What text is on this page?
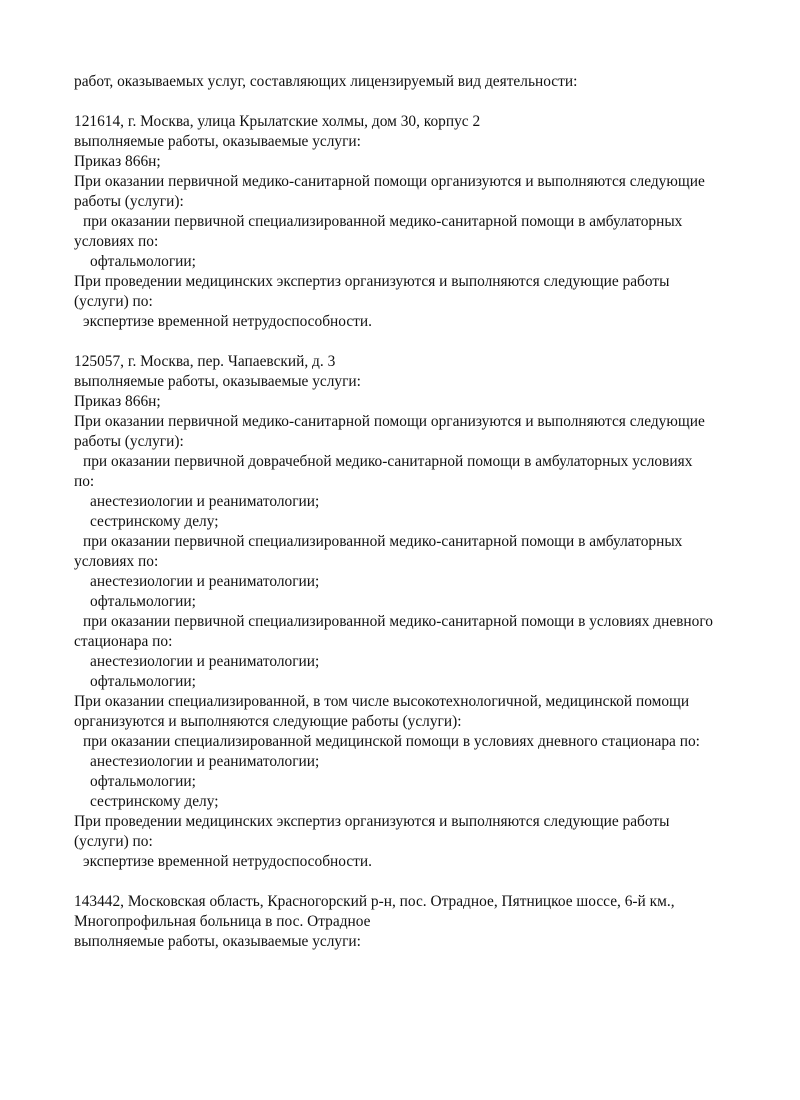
работ, оказываемых услуг, составляющих лицензируемый вид деятельности:
121614, г. Москва, улица Крылатские холмы, дом 30, корпус 2
выполняемые работы, оказываемые услуги:
Приказ 866н;
При оказании первичной медико-санитарной помощи организуются и выполняются следующие
работы (услуги):
при оказании первичной специализированной медико-санитарной помощи в амбулаторных
условиях по:
офтальмологии;
При проведении медицинских экспертиз организуются и выполняются следующие работы
(услуги) по:
экспертизе временной нетрудоспособности.
125057, г. Москва, пер. Чапаевский, д. 3
выполняемые работы, оказываемые услуги:
Приказ 866н;
При оказании первичной медико-санитарной помощи организуются и выполняются следующие
работы (услуги):
при оказании первичной доврачебной медико-санитарной помощи в амбулаторных условиях
по:
анестезиологии и реаниматологии;
сестринскому делу;
при оказании первичной специализированной медико-санитарной помощи в амбулаторных
условиях по:
анестезиологии и реаниматологии;
офтальмологии;
при оказании первичной специализированной медико-санитарной помощи в условиях дневного
стационара по:
анестезиологии и реаниматологии;
офтальмологии;
При оказании специализированной, в том числе высокотехнологичной, медицинской помощи
организуются и выполняются следующие работы (услуги):
при оказании специализированной медицинской помощи в условиях дневного стационара по:
анестезиологии и реаниматологии;
офтальмологии;
сестринскому делу;
При проведении медицинских экспертиз организуются и выполняются следующие работы
(услуги) по:
экспертизе временной нетрудоспособности.
143442, Московская область, Красногорский р-н, пос. Отрадное, Пятницкое шоссе, 6-й км.,
Многопрофильная больница в пос. Отрадное
выполняемые работы, оказываемые услуги:
